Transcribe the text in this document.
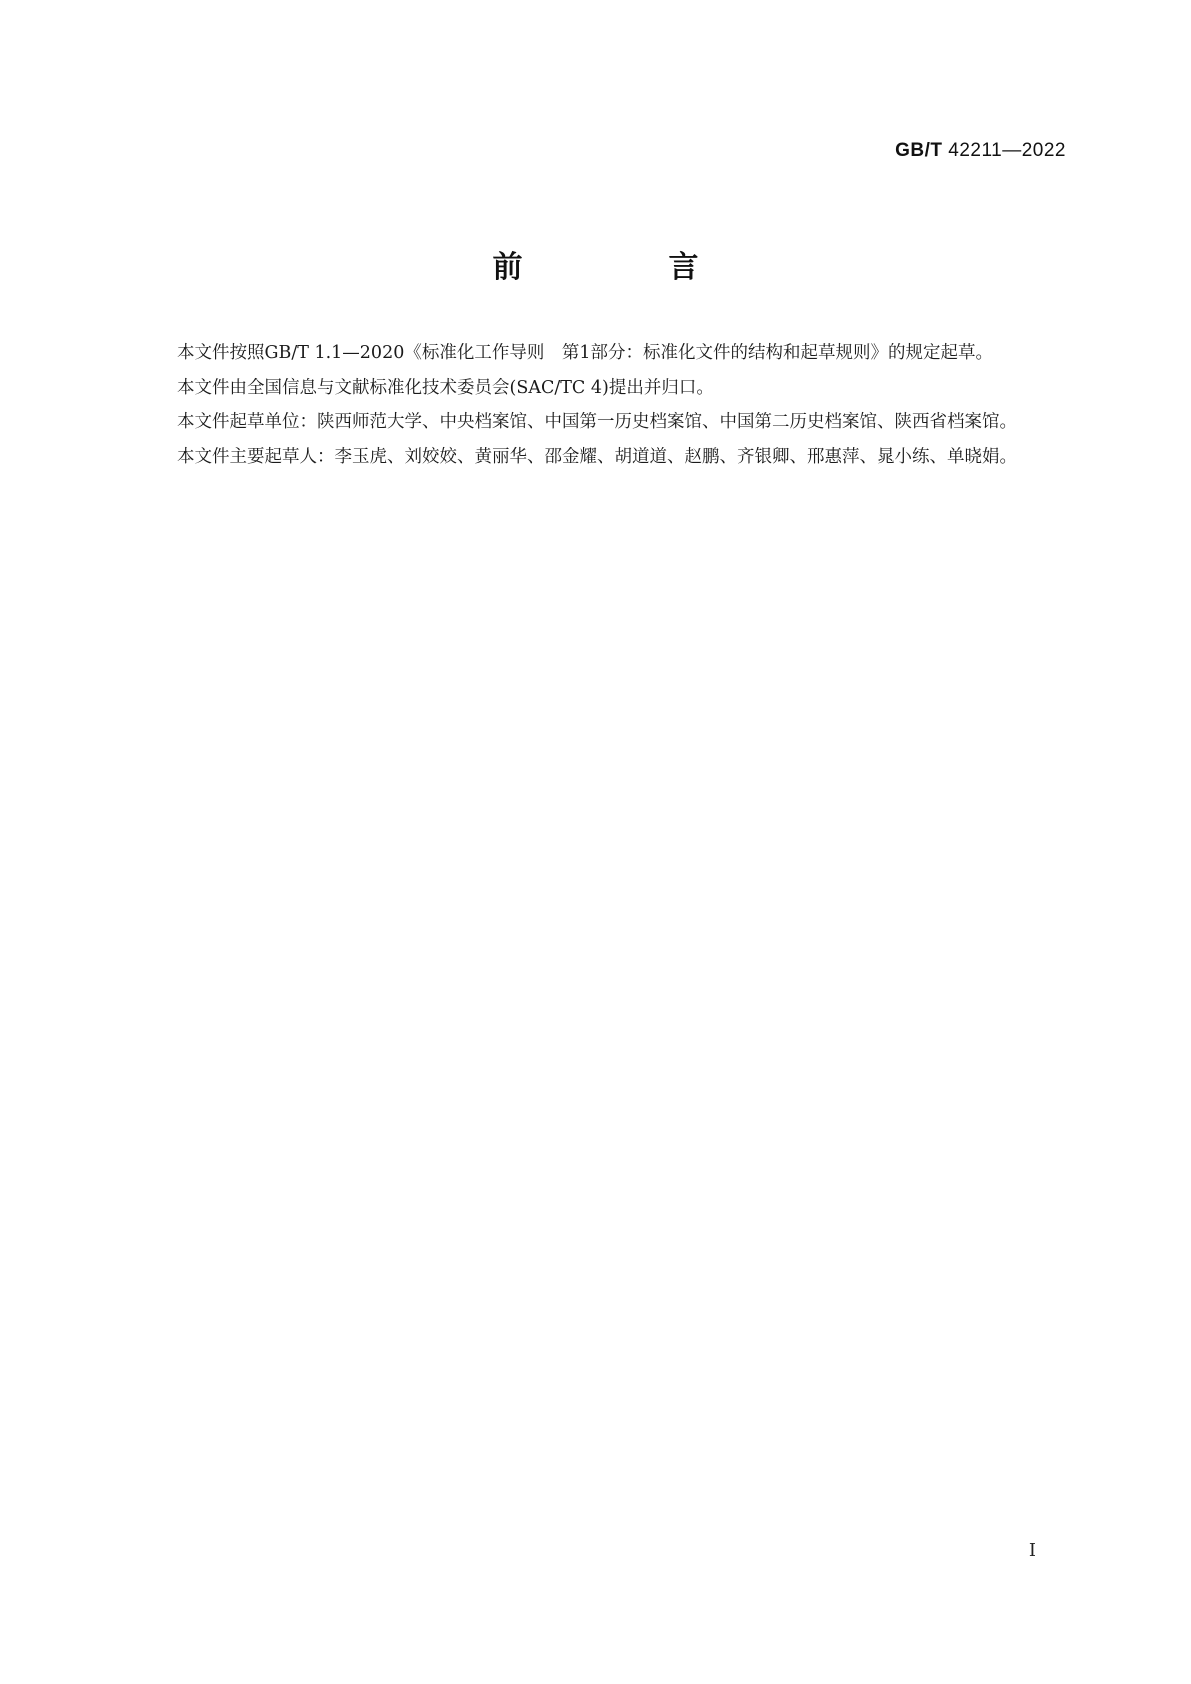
GB/T 42211—2022
前　言

本文件按照GB/T 1.1—2020《标准化工作导则　第1部分：标准化文件的结构和起草规则》的规定起草。

本文件由全国信息与文献标准化技术委员会(SAC/TC 4)提出并归口。

本文件起草单位：陕西师范大学、中央档案馆、中国第一历史档案馆、中国第二历史档案馆、陕西省档案馆。

本文件主要起草人：李玉虎、刘姣姣、黄丽华、邵金耀、胡道道、赵鹏、齐银卿、邢惠萍、晁小练、单晓娟。

I
